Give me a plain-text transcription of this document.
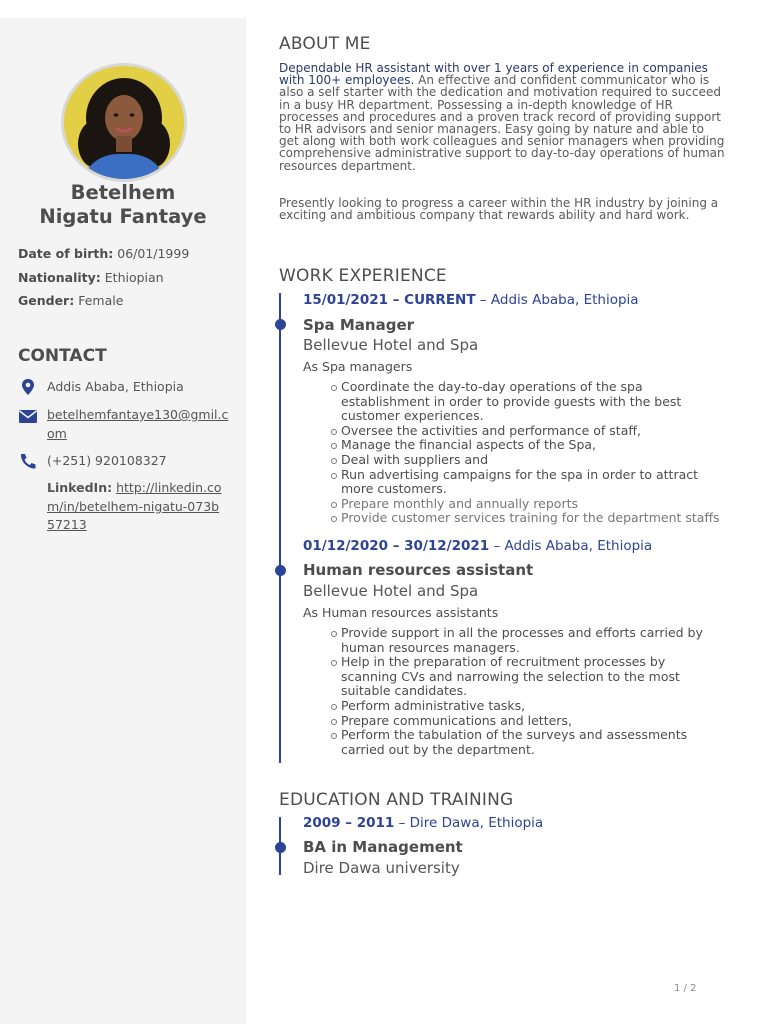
Betelhem
Nigatu Fantaye
Date of birth: 06/01/1999
Nationality: Ethiopian
Gender: Female
CONTACT
Addis Ababa, Ethiopia
betelhemfantaye130@gmil.com
(+251) 920108327
LinkedIn: http://linkedin.com/in/betelhem-nigatu-073b57213
ABOUT ME
Dependable HR assistant with over 1 years of experience in companies with 100+ employees. An effective and confident communicator who is also a self starter with the dedication and motivation required to succeed in a busy HR department. Possessing a in-depth knowledge of HR processes and procedures and a proven track record of providing support to HR advisors and senior managers. Easy going by nature and able to get along with both work colleagues and senior managers when providing comprehensive administrative support to day-to-day operations of human resources department.
Presently looking to progress a career within the HR industry by joining a exciting and ambitious company that rewards ability and hard work.
WORK EXPERIENCE
15/01/2021 – CURRENT – Addis Ababa, Ethiopia
Spa Manager
Bellevue Hotel and Spa
As Spa managers
Coordinate the day-to-day operations of the spa establishment in order to provide guests with the best customer experiences.
Oversee the activities and performance of staff,
Manage the financial aspects of the Spa,
Deal with suppliers and
Run advertising campaigns for the spa in order to attract more customers.
Prepare monthly and annually reports
Provide customer services training for the department staffs
01/12/2020 – 30/12/2021 – Addis Ababa, Ethiopia
Human resources assistant
Bellevue Hotel and Spa
As Human resources assistants
Provide support in all the processes and efforts carried by human resources managers.
Help in the preparation of recruitment processes by scanning CVs and narrowing the selection to the most suitable candidates.
Perform administrative tasks,
Prepare communications and letters,
Perform the tabulation of the surveys and assessments carried out by the department.
EDUCATION AND TRAINING
2009 – 2011 – Dire Dawa, Ethiopia
BA in Management
Dire Dawa university
1 / 2
